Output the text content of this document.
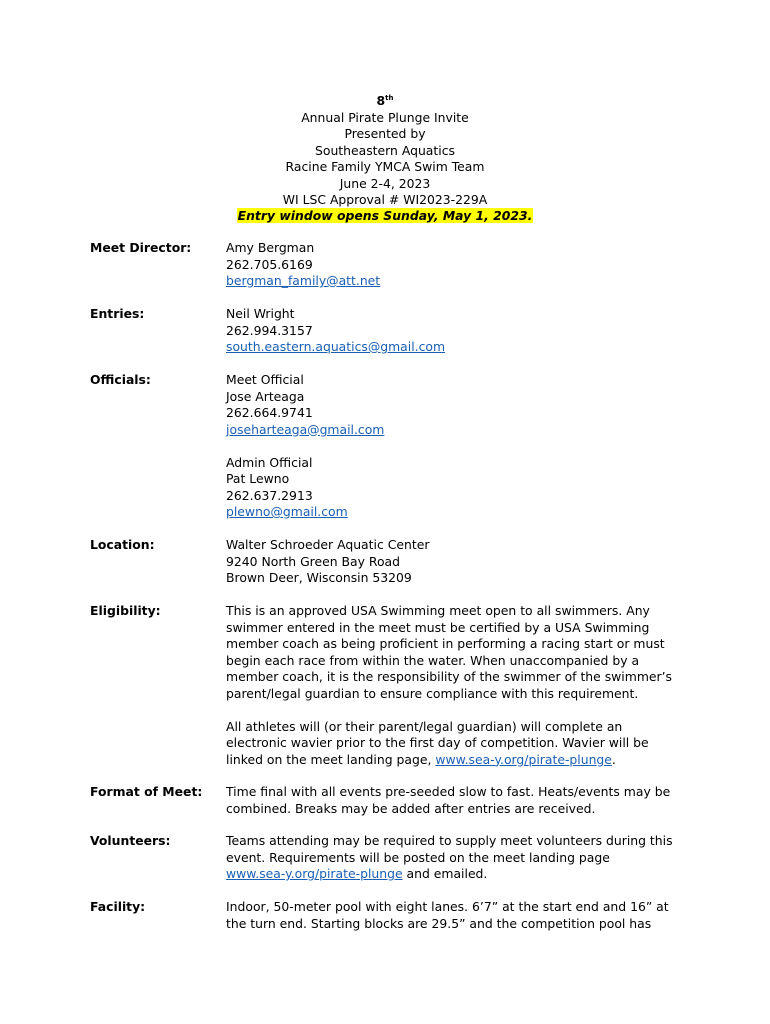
8th
Annual Pirate Plunge Invite
Presented by
Southeastern Aquatics
Racine Family YMCA Swim Team
June 2-4, 2023
WI LSC Approval # WI2023-229A
Entry window opens Sunday, May 1, 2023.
Meet Director:	Amy Bergman
262.705.6169
bergman_family@att.net
Entries:	Neil Wright
262.994.3157
south.eastern.aquatics@gmail.com
Officials:	Meet Official
Jose Arteaga
262.664.9741
joseharteaga@gmail.com

Admin Official
Pat Lewno
262.637.2913
plewno@gmail.com
Location:	Walter Schroeder Aquatic Center
9240 North Green Bay Road
Brown Deer, Wisconsin 53209
Eligibility:	This is an approved USA Swimming meet open to all swimmers. Any
swimmer entered in the meet must be certified by a USA Swimming
member coach as being proficient in performing a racing start or must
begin each race from within the water. When unaccompanied by a
member coach, it is the responsibility of the swimmer of the swimmer’s
parent/legal guardian to ensure compliance with this requirement.

All athletes will (or their parent/legal guardian) will complete an
electronic wavier prior to the first day of competition. Wavier will be
linked on the meet landing page, www.sea-y.org/pirate-plunge.
Format of Meet:	Time final with all events pre-seeded slow to fast. Heats/events may be
combined. Breaks may be added after entries are received.
Volunteers:	Teams attending may be required to supply meet volunteers during this
event. Requirements will be posted on the meet landing page
www.sea-y.org/pirate-plunge and emailed.
Facility:	Indoor, 50-meter pool with eight lanes. 6’7” at the start end and 16” at
the turn end. Starting blocks are 29.5” and the competition pool has
